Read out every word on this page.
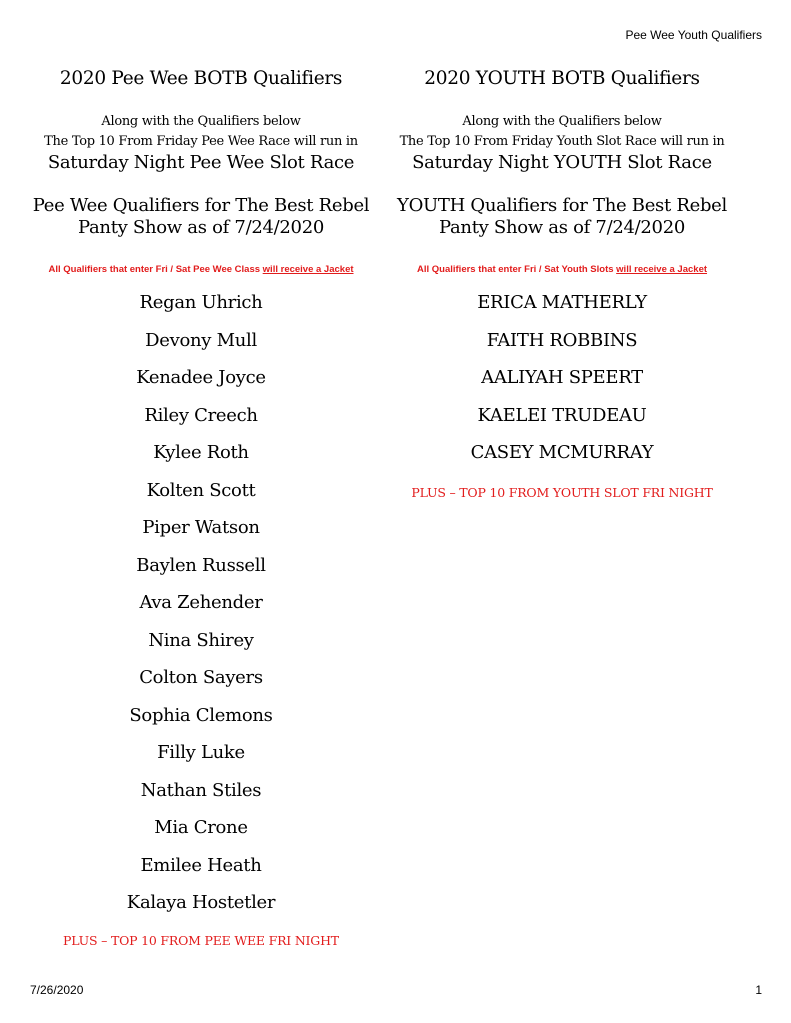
Pee Wee Youth Qualifiers
2020 Pee Wee BOTB Qualifiers
Along with the Qualifiers below
The Top 10 From Friday Pee Wee Race will run in
Saturday Night Pee Wee Slot Race
Pee Wee Qualifiers for The Best Rebel
Panty Show as of 7/24/2020
All Qualifiers that enter Fri / Sat Pee Wee Class will receive a Jacket
Regan Uhrich
Devony Mull
Kenadee Joyce
Riley Creech
Kylee Roth
Kolten Scott
Piper Watson
Baylen Russell
Ava Zehender
Nina Shirey
Colton Sayers
Sophia Clemons
Filly Luke
Nathan Stiles
Mia Crone
Emilee Heath
Kalaya Hostetler
PLUS – TOP 10 FROM PEE WEE FRI NIGHT
2020 YOUTH BOTB Qualifiers
Along with the Qualifiers below
The Top 10 From Friday Youth Slot Race will run in
Saturday Night YOUTH Slot Race
YOUTH Qualifiers for The Best Rebel
Panty Show as of 7/24/2020
All Qualifiers that enter Fri / Sat Youth Slots will receive a Jacket
ERICA MATHERLY
FAITH ROBBINS
AALIYAH SPEERT
KAELEI TRUDEAU
CASEY MCMURRAY
PLUS – TOP 10 FROM YOUTH SLOT FRI NIGHT
7/26/2020	1
